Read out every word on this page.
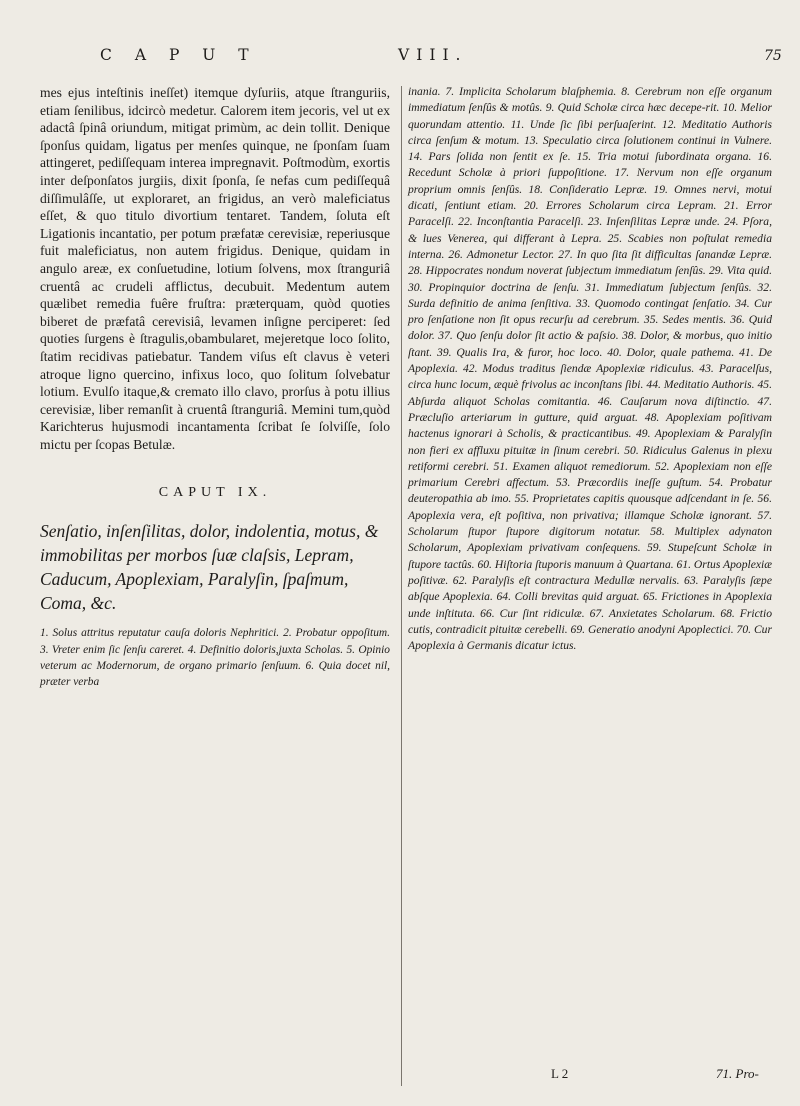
CAPUT	VIII.	75

mes ejus inteſtinis ineſſet) itemque dyſuriis, atque ſtranguriis, etiam ſenilibus, idcircò medetur. Calorem item jecoris, vel ut ex adactâ ſpinâ oriundum, mitigat primùm, ac dein tollit. Denique ſponſus quidam, ligatus per menſes quinque, ne ſponſam ſuam attingeret, pediſſequam interea impregnavit. Poſtmodùm, exortis inter deſponſatos jurgiis, dixit ſponſa, ſe nefas cum pediſſequâ diſſimulâſſe, ut exploraret, an frigidus, an verò maleficiatus eſſet, & quo titulo divortium tentaret. Tandem, ſoluta eſt Ligationis incantatio, per potum præfatæ cerevisiæ, reperiusque fuit maleficiatus, non autem frigidus. Denique, quidam in angulo areæ, ex conſuetudine, lotium ſolvens, mox ſtranguriâ cruentâ ac crudeli afflictus, decubuit. Medentum autem quælibet remedia fuêre fruſtra: præterquam, quòd quoties biberet de præfatâ cerevisiâ, levamen inſigne perciperet: ſed quoties ſurgens è ſtragulis,obambularet, mejeretque loco ſolito, ſtatim recidivas patiebatur. Tandem viſus eſt clavus è veteri atroque ligno quercino, infixus loco, quo ſolitum ſolvebatur lotium. Evulſo itaque,& cremato illo clavo, prorſus à potu illius cerevisiæ, liber remanſit à cruentâ ſtranguriâ. Memini tum,quòd Karichterus hujusmodi incantamenta ſcribat ſe ſolviſſe, ſolo mictu per ſcopas Betulæ.

CAPUT IX.

Senſatio, inſenſilitas, dolor, indolentia, motus, & immobilitas per morbos ſuæ claſsis, Lepram, Caducum, Apoplexiam, Paralyſin, ſpaſmum, Coma, &c.

1. Solus attritus reputatur cauſa doloris Nephritici. 2. Probatur oppoſitum. 3. Vreter enim ſic ſenſu careret. 4. Definitio doloris,juxta Scholas. 5. Opinio veterum ac Modernorum, de organo primario ſenſuum. 6. Quia docet nil, præter verba

inania. 7. Implicita Scholarum blaſphemia. 8. Cerebrum non eſſe organum immediatum ſenſûs & motûs. 9. Quid Scholæ circa hæc decepe-rit. 10. Melior quorundam attentio. 11. Unde ſic ſibi perſuaſerint. 12. Meditatio Authoris circa ſenſum & motum. 13. Speculatio circa ſolutionem continui in Vulnere. 14. Pars ſolida non ſentit ex ſe. 15. Tria motui ſubordinata organa. 16. Recedunt Scholæ à priori ſuppoſitione. 17. Nervum non eſſe organum proprium omnis ſenſûs. 18. Conſideratio Lepræ. 19. Omnes nervi, motui dicati, ſentiunt etiam. 20. Errores Scholarum circa Lepram. 21. Error Paracelſi. 22. Inconſtantia Paracelſi. 23. Inſenſilitas Lepræ unde. 24. Pſora, & lues Venerea, qui differant à Lepra. 25. Scabies non poſtulat remedia interna. 26. Admonetur Lector. 27. In quo ſita ſit difficultas ſanandæ Lepræ. 28. Hippocrates nondum noverat ſubjectum immediatum ſenſûs. 29. Vita quid. 30. Propinquior doctrina de ſenſu. 31. Immediatum ſubjectum ſenſûs. 32. Surda definitio de anima ſenſitiva. 33. Quomodo contingat ſenſatio. 34. Cur pro ſenſatione non ſit opus recurſu ad cerebrum. 35. Sedes mentis. 36. Quid dolor. 37. Quo ſenſu dolor ſit actio & paſsio. 38. Dolor, & morbus, quo initio ſtant. 39. Qualis Ira, & furor, hoc loco. 40. Dolor, quale pathema. 41. De Apoplexia. 42. Modus traditus ſiendæ Apoplexiæ ridiculus. 43. Paracelſus, circa hunc locum, æquè frivolus ac inconſtans ſibi. 44. Meditatio Authoris. 45. Abſurda aliquot Scholas comitantia. 46. Cauſarum nova diſtinctio. 47. Præcluſio arteriarum in gutture, quid arguat. 48. Apoplexiam poſitivam hactenus ignorari à Scholis, & practicantibus. 49. Apoplexiam & Paralyſin non fieri ex affluxu pituitæ in ſinum cerebri. 50. Ridiculus Galenus in plexu retiformi cerebri. 51. Examen aliquot remediorum. 52. Apoplexiam non eſſe primarium Cerebri affectum. 53. Præcordiis ineſſe guſtum. 54. Probatur deuteropathia ab imo. 55. Proprietates capitis quousque adſcendant in ſe. 56. Apoplexia vera, eſt poſitiva, non privativa; illamque Scholæ ignorant. 57. Scholarum ſtupor ſtupore digitorum notatur. 58. Multiplex adynaton Scholarum, Apoplexiam privativam conſequens. 59. Stupeſcunt Scholæ in ſtupore tactûs. 60. Hiſtoria ſtuporis manuum à Quartana. 61. Ortus Apoplexiæ poſitivæ. 62. Paralyſis eſt contractura Medullæ nervalis. 63. Paralyſis ſæpe abſque Apoplexia. 64. Colli brevitas quid arguat. 65. Frictiones in Apoplexia unde inſtituta. 66. Cur ſint ridiculæ. 67. Anxietates Scholarum. 68. Frictio cutis, contradicit pituitæ cerebelli. 69. Generatio anodyni Apoplectici. 70. Cur Apoplexia à Germanis dicatur ictus.

L 2	71. Pro-
